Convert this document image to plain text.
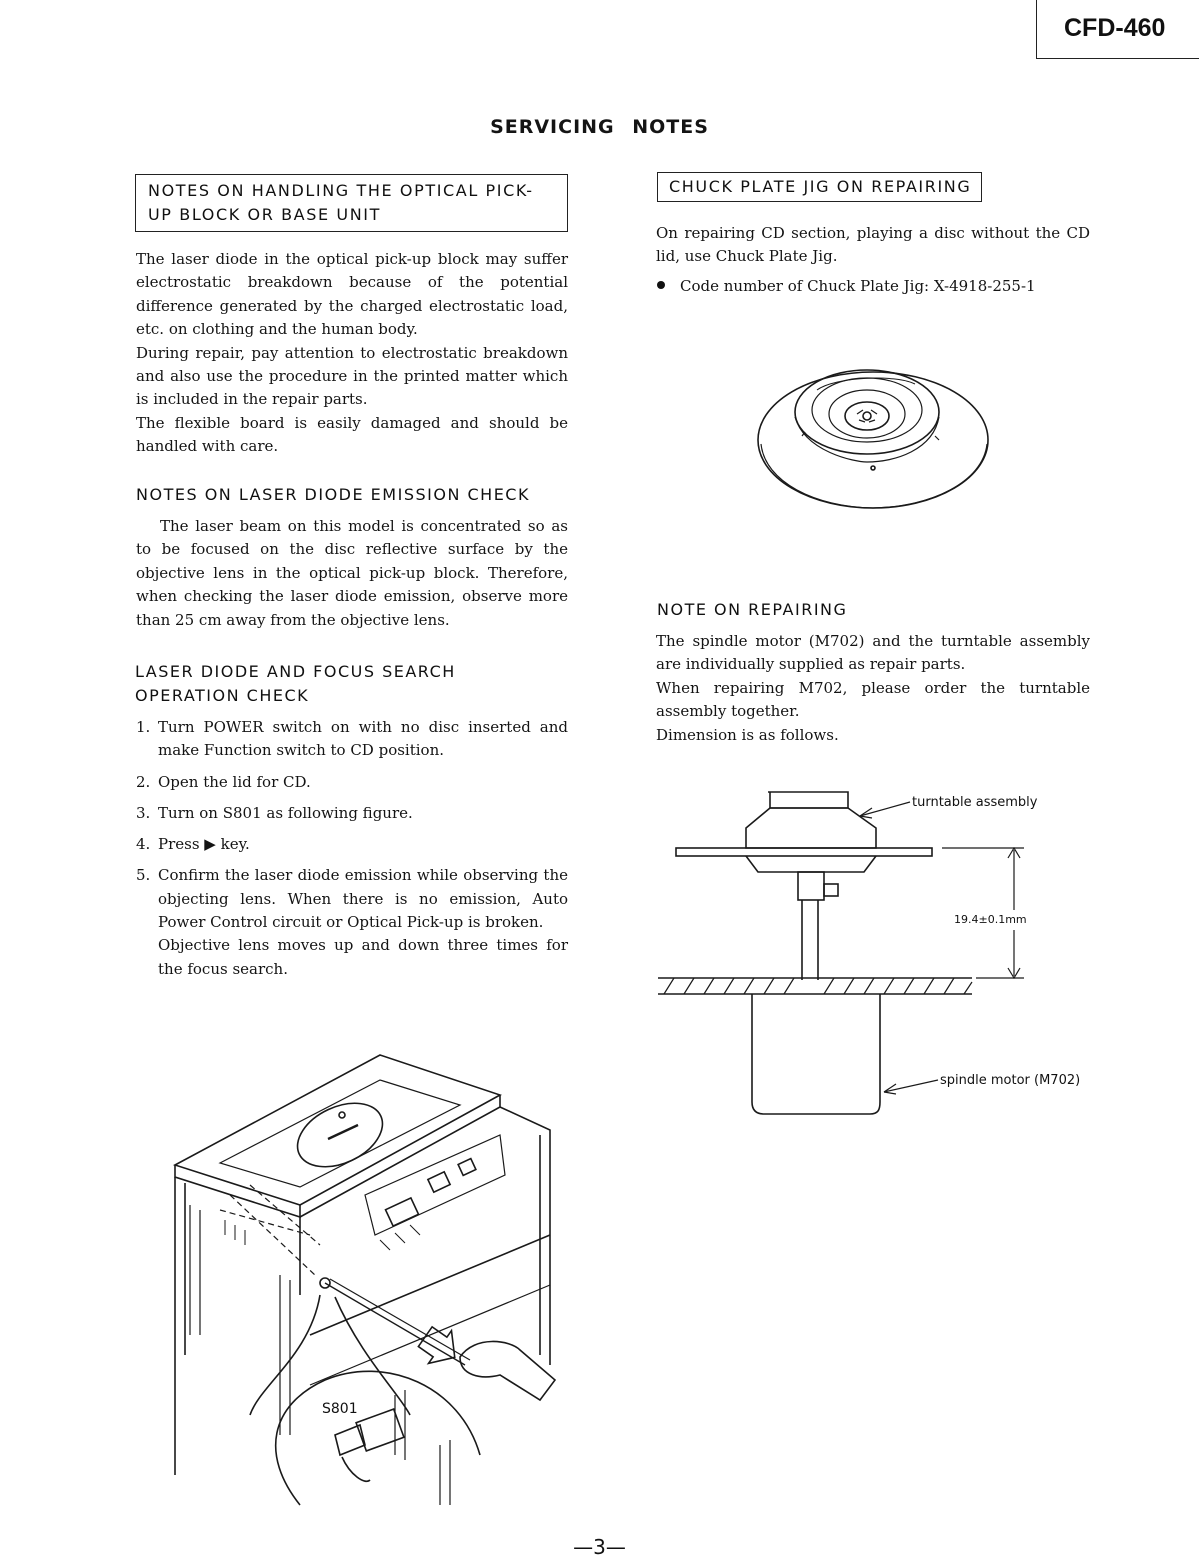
CFD-460
SERVICING NOTES
NOTES ON HANDLING THE OPTICAL PICK-
UP BLOCK OR BASE UNIT

The laser diode in the optical pick-up block may suffer electrostatic breakdown because of the potential difference generated by the charged electrostatic load, etc. on clothing and the human body.

During repair, pay attention to electrostatic breakdown and also use the procedure in the printed matter which is included in the repair parts.

The flexible board is easily damaged and should be handled with care.

NOTES ON LASER DIODE EMISSION CHECK

The laser beam on this model is concentrated so as to be focused on the disc reflective surface by the objective lens in the optical pick-up block. Therefore, when checking the laser diode emission, observe more than 25 cm away from the objective lens.

LASER DIODE AND FOCUS SEARCH
OPERATION CHECK
1. Turn POWER switch on with no disc inserted and make Function switch to CD position.
2. Open the lid for CD.
3. Turn on S801 as following figure.
4. Press ▶ key.
5. Confirm the laser diode emission while observing the objecting lens. When there is no emission, Auto Power Control circuit or Optical Pick-up is broken.
Objective lens moves up and down three times for the focus search.
S801
CHUCK PLATE JIG ON REPAIRING

On repairing CD section, playing a disc without the CD lid, use Chuck Plate Jig.

Code number of Chuck Plate Jig: X-4918-255-1
NOTE ON REPAIRING

The spindle motor (M702) and the turntable assembly are individually supplied as repair parts.

When repairing M702, please order the turntable assembly together.

Dimension is as follows.

turntable assembly
19.4±0.1mm
spindle motor (M702)
—3—
